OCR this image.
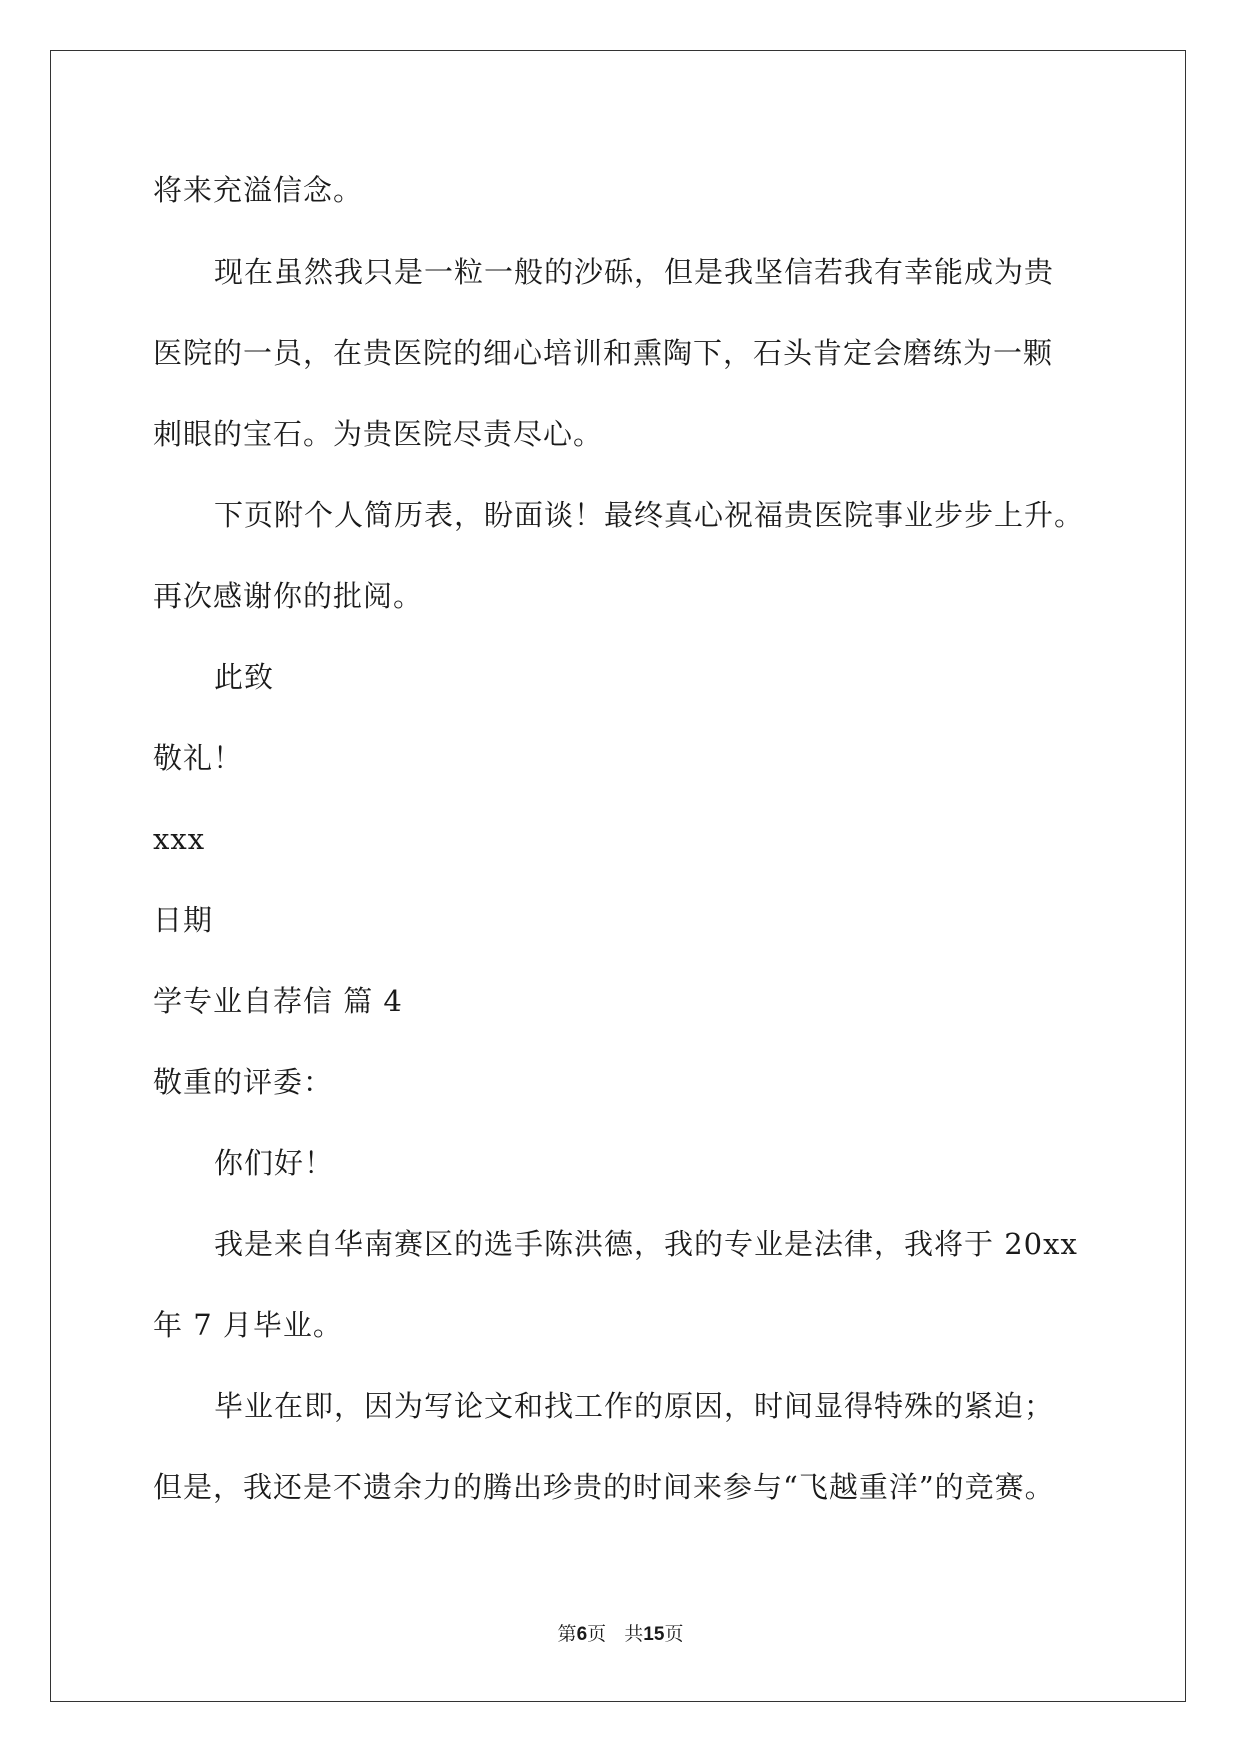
将来充溢信念。
现在虽然我只是一粒一般的沙砾，但是我坚信若我有幸能成为贵
医院的一员，在贵医院的细心培训和熏陶下，石头肯定会磨练为一颗
刺眼的宝石。为贵医院尽责尽心。
下页附个人简历表，盼面谈！最终真心祝福贵医院事业步步上升。
再次感谢你的批阅。
此致
敬礼！
xxx
日期
学专业自荐信 篇 4
敬重的评委：
你们好！
我是来自华南赛区的选手陈洪德，我的专业是法律，我将于 20xx
年 7 月毕业。
毕业在即，因为写论文和找工作的原因，时间显得特殊的紧迫；
但是，我还是不遗余力的腾出珍贵的时间来参与“飞越重洋”的竞赛。
第6页 共15页
